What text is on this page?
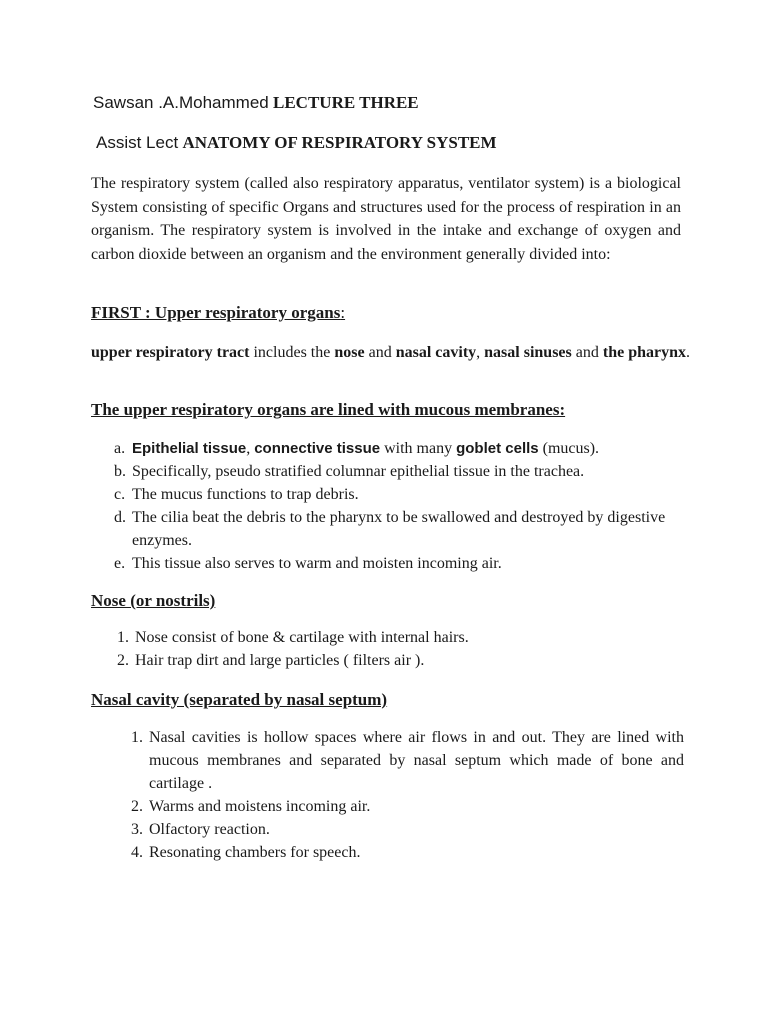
Sawsan .A.Mohammed LECTURE THREE
Assist Lect ANATOMY OF RESPIRATORY SYSTEM

The respiratory system (called also respiratory apparatus, ventilator system) is a biological System consisting of specific Organs and structures used for the process of respiration in an organism. The respiratory system is involved in the intake and exchange of oxygen and carbon dioxide between an organism and the environment generally divided into:

FIRST : Upper respiratory organs:

upper respiratory tract includes the nose and nasal cavity, nasal sinuses and the pharynx.

The upper respiratory organs are lined with mucous membranes:
a. Epithelial tissue, connective tissue with many goblet cells (mucus).
b. Specifically, pseudo stratified columnar epithelial tissue in the trachea.
c. The mucus functions to trap debris.
d. The cilia beat the debris to the pharynx to be swallowed and destroyed by digestive enzymes.
e. This tissue also serves to warm and moisten incoming air.
Nose (or nostrils)
1. Nose consist of bone & cartilage with internal hairs.
2. Hair trap dirt and large particles ( filters air ).
Nasal cavity (separated by nasal septum)
1. Nasal cavities is hollow spaces where air flows in and out. They are lined with mucous membranes and separated by nasal septum which made of bone and cartilage .
2. Warms and moistens incoming air.
3. Olfactory reaction.
4. Resonating chambers for speech.
